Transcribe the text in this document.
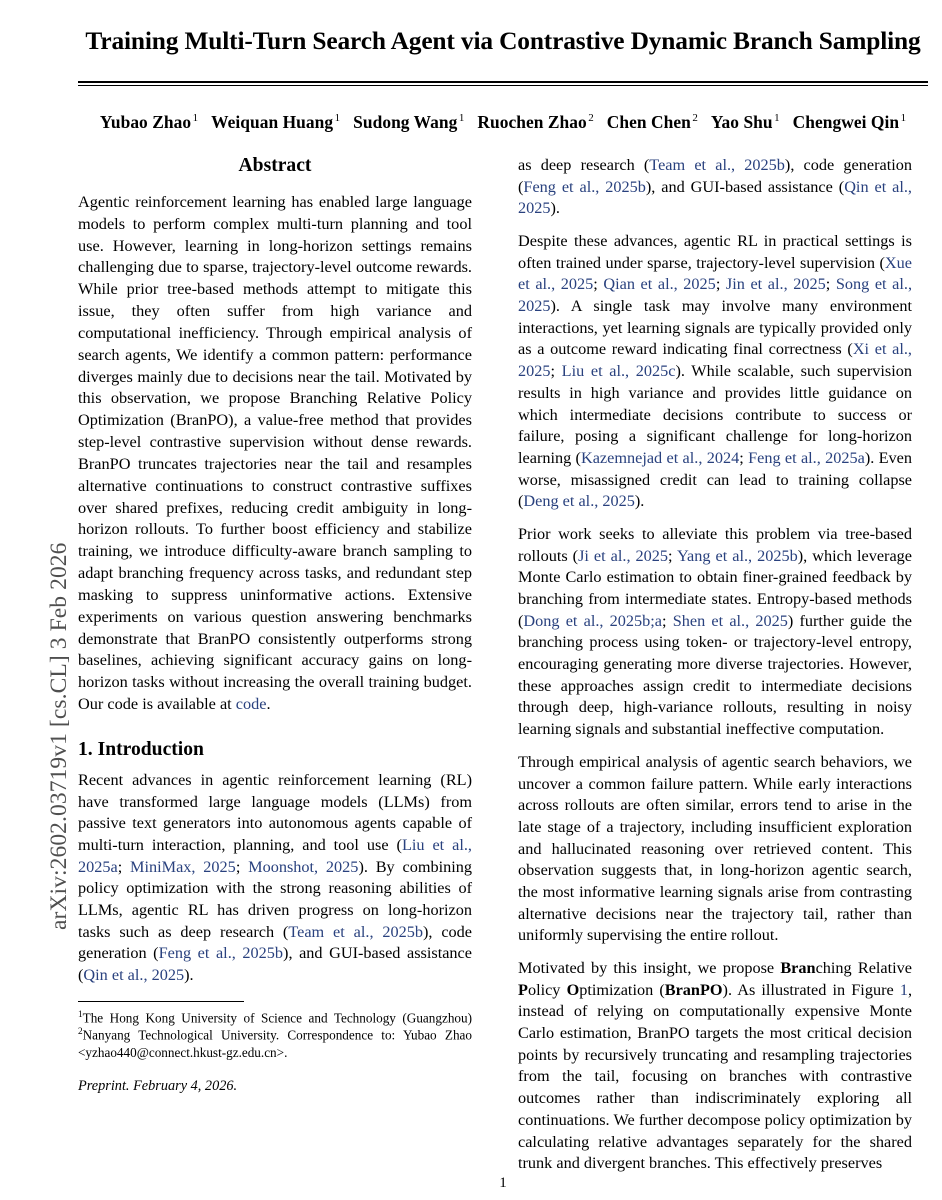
arXiv:2602.03719v1 [cs.CL] 3 Feb 2026
Training Multi-Turn Search Agent via Contrastive Dynamic Branch Sampling
Yubao Zhao $^1$ Weiquan Huang $^1$ Sudong Wang $^1$ Ruochen Zhao $^2$ Chen Chen $^2$ Yao Shu $^1$ Chengwei Qin $^1$
Abstract

Agentic reinforcement learning has enabled large language models to perform complex multi-turn planning and tool use. However, learning in long-horizon settings remains challenging due to sparse, trajectory-level outcome rewards. While prior tree-based methods attempt to mitigate this issue, they often suffer from high variance and computational inefficiency. Through empirical analysis of search agents, We identify a common pattern: performance diverges mainly due to decisions near the tail. Motivated by this observation, we propose Branching Relative Policy Optimization (BranPO), a value-free method that provides step-level contrastive supervision without dense rewards. BranPO truncates trajectories near the tail and resamples alternative continuations to construct contrastive suffixes over shared prefixes, reducing credit ambiguity in long-horizon rollouts. To further boost efficiency and stabilize training, we introduce difficulty-aware branch sampling to adapt branching frequency across tasks, and redundant step masking to suppress uninformative actions. Extensive experiments on various question answering benchmarks demonstrate that BranPO consistently outperforms strong baselines, achieving significant accuracy gains on long-horizon tasks without increasing the overall training budget. Our code is available at code.

1. Introduction

Recent advances in agentic reinforcement learning (RL) have transformed large language models (LLMs) from passive text generators into autonomous agents capable of multi-turn interaction, planning, and tool use (Liu et al., 2025a; MiniMax, 2025; Moonshot, 2025). By combining policy optimization with the strong reasoning abilities of LLMs, agentic RL has driven progress on long-horizon tasks such as deep research (Team et al., 2025b), code generation (Feng et al., 2025b), and GUI-based assistance (Qin et al., 2025).

$^1$The Hong Kong University of Science and Technology (Guangzhou) $^2$Nanyang Technological University. Correspondence to: Yubao Zhao <yzhao440@connect.hkust-gz.edu.cn>.

Preprint. February 4, 2026.

as deep research (Team et al., 2025b), code generation (Feng et al., 2025b), and GUI-based assistance (Qin et al., 2025).

Despite these advances, agentic RL in practical settings is often trained under sparse, trajectory-level supervision (Xue et al., 2025; Qian et al., 2025; Jin et al., 2025; Song et al., 2025). A single task may involve many environment interactions, yet learning signals are typically provided only as a outcome reward indicating final correctness (Xi et al., 2025; Liu et al., 2025c). While scalable, such supervision results in high variance and provides little guidance on which intermediate decisions contribute to success or failure, posing a significant challenge for long-horizon learning (Kazemnejad et al., 2024; Feng et al., 2025a). Even worse, misassigned credit can lead to training collapse (Deng et al., 2025).

Prior work seeks to alleviate this problem via tree-based rollouts (Ji et al., 2025; Yang et al., 2025b), which leverage Monte Carlo estimation to obtain finer-grained feedback by branching from intermediate states. Entropy-based methods (Dong et al., 2025b;a; Shen et al., 2025) further guide the branching process using token- or trajectory-level entropy, encouraging generating more diverse trajectories. However, these approaches assign credit to intermediate decisions through deep, high-variance rollouts, resulting in noisy learning signals and substantial ineffective computation.

Through empirical analysis of agentic search behaviors, we uncover a common failure pattern. While early interactions across rollouts are often similar, errors tend to arise in the late stage of a trajectory, including insufficient exploration and hallucinated reasoning over retrieved content. This observation suggests that, in long-horizon agentic search, the most informative learning signals arise from contrasting alternative decisions near the trajectory tail, rather than uniformly supervising the entire rollout.

Motivated by this insight, we propose Branching Relative Policy Optimization (BranPO). As illustrated in Figure 1, instead of relying on computationally expensive Monte Carlo estimation, BranPO targets the most critical decision points by recursively truncating and resampling trajectories from the tail, focusing on branches with contrastive outcomes rather than indiscriminately exploring all continuations. We further decompose policy optimization by calculating relative advantages separately for the shared trunk and divergent branches. This effectively preserves

1
